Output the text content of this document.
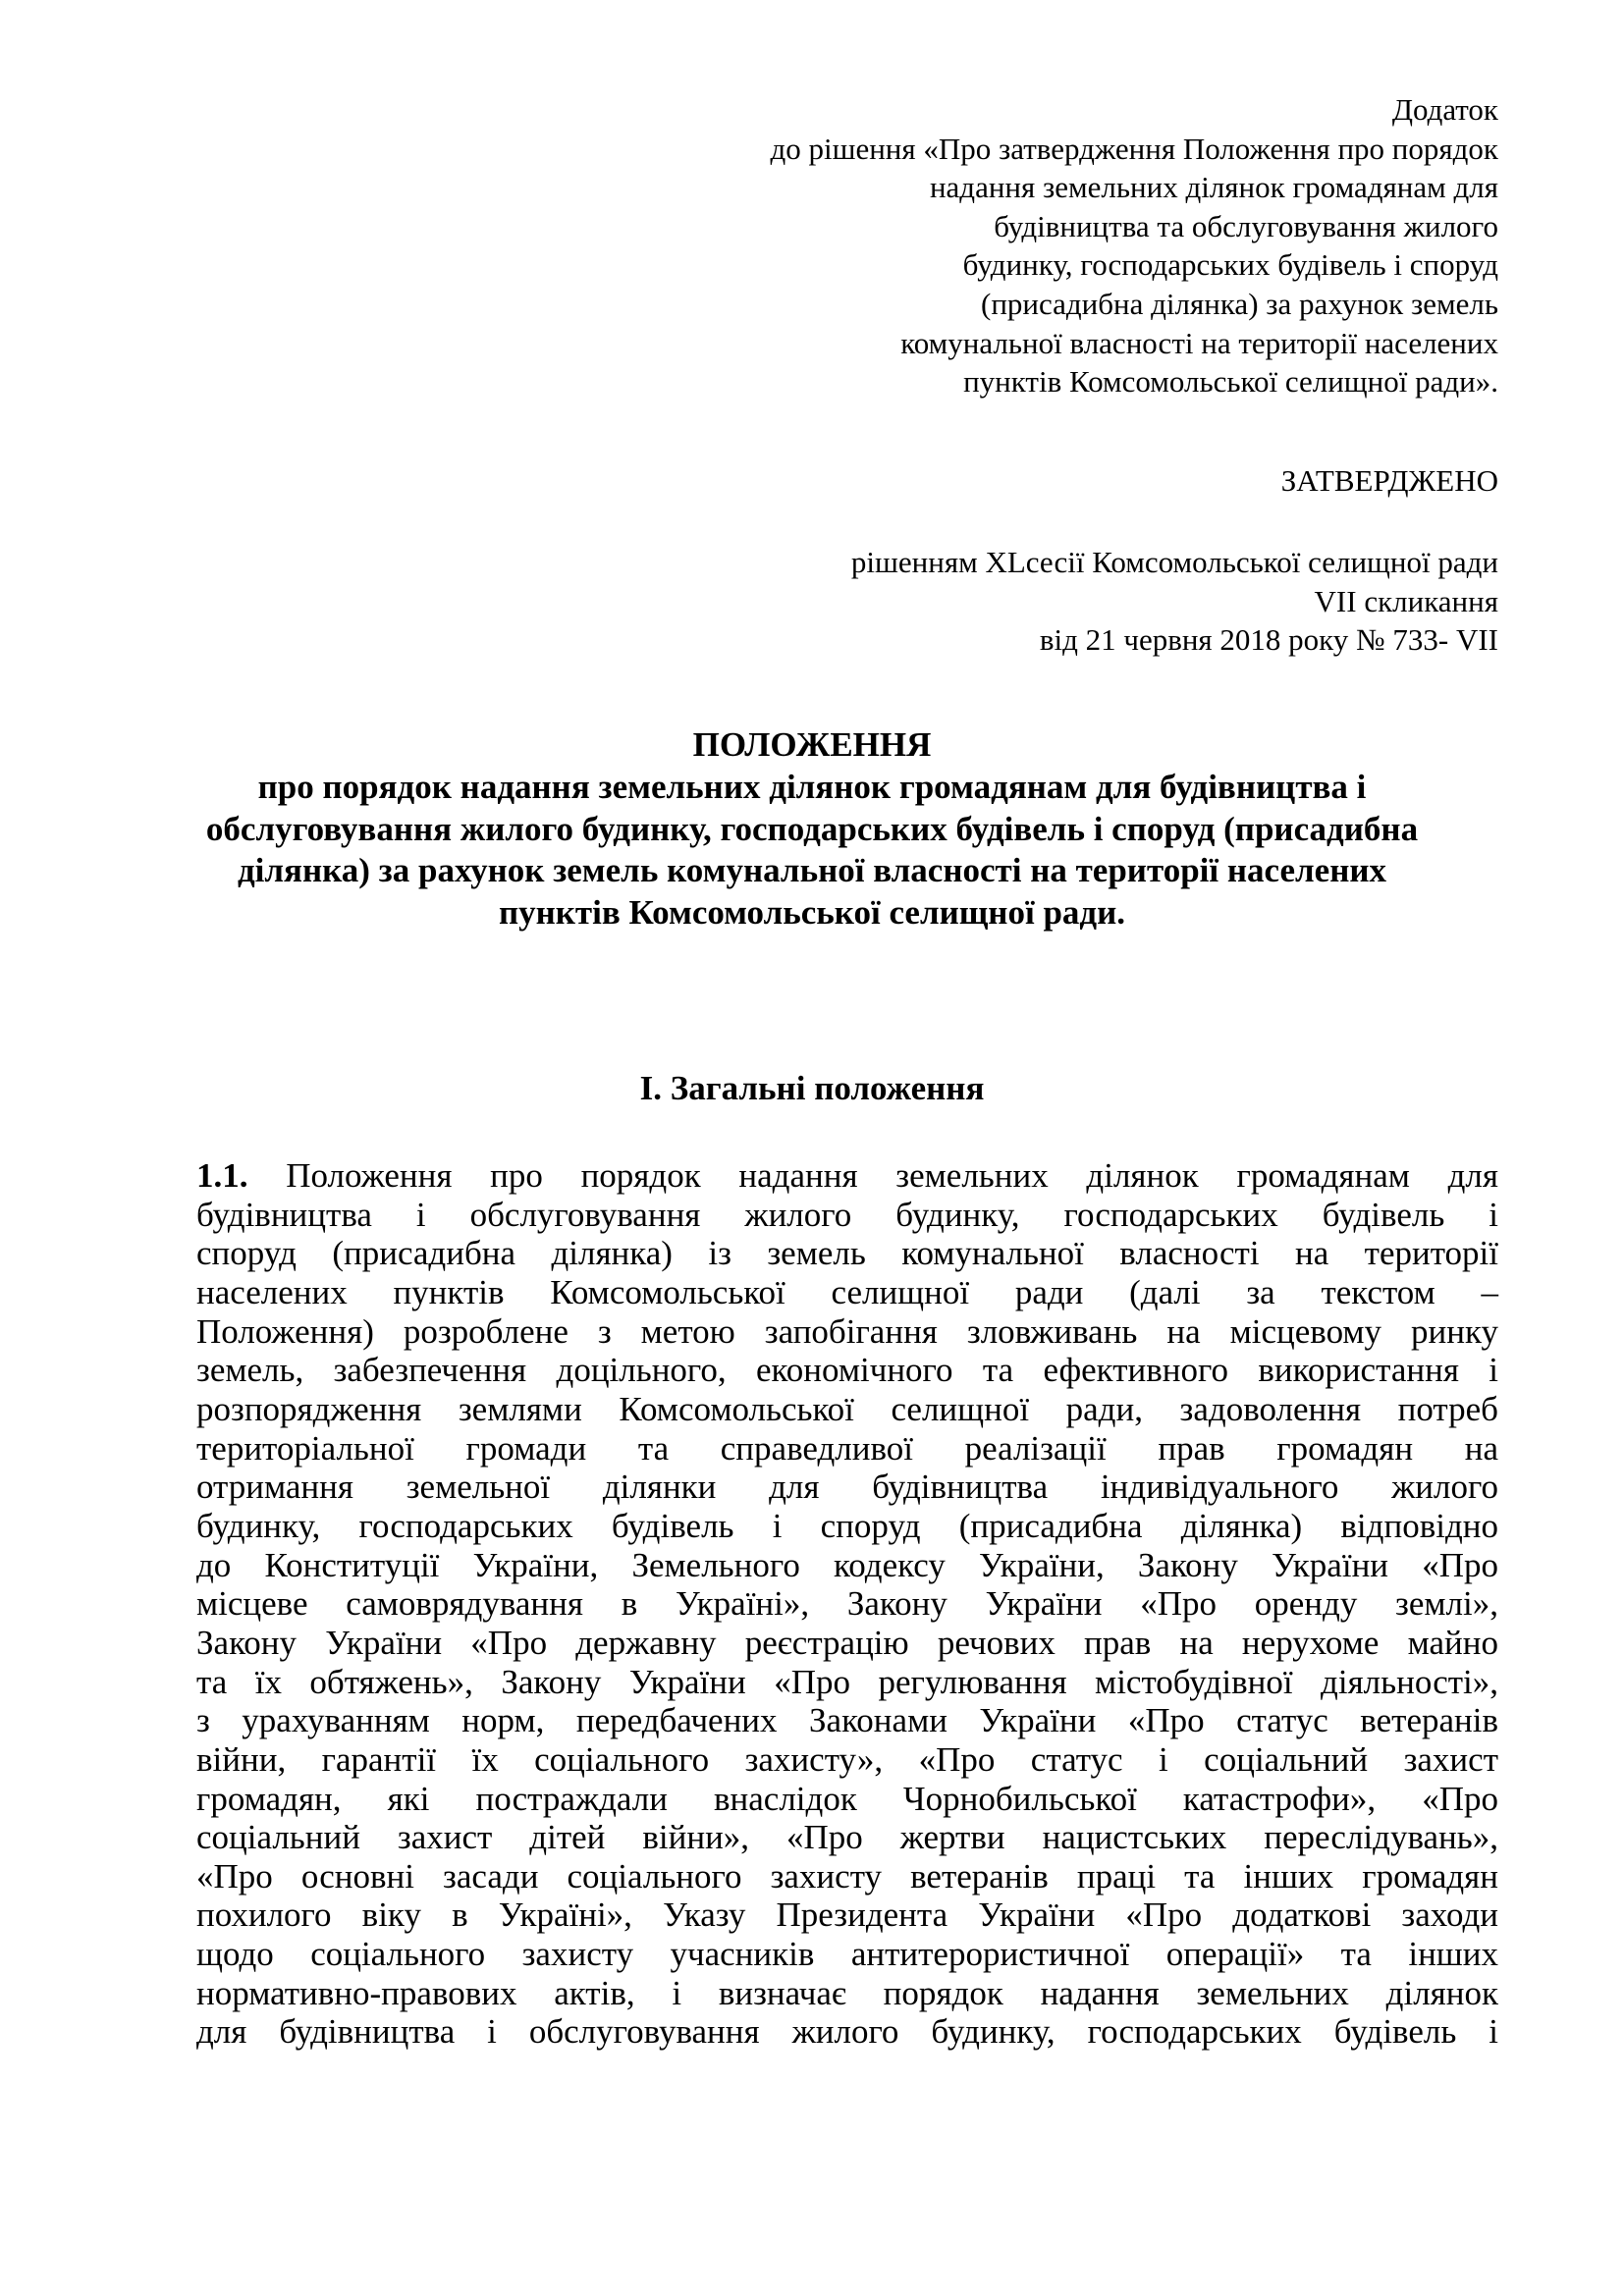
Додаток
до рішення «Про затвердження Положення про порядок
надання земельних ділянок громадянам для
будівництва та обслуговування жилого
будинку, господарських будівель і споруд
(присадибна ділянка) за рахунок земель
комунальної власності на території населених
пунктів Комсомольської селищної ради».
ЗАТВЕРДЖЕНО
рішенням XLсесії Комсомольської селищної ради
VII скликання
від 21 червня 2018 року № 733- VII
ПОЛОЖЕННЯ
про порядок надання земельних ділянок громадянам для будівництва і
обслуговування жилого будинку, господарських будівель і споруд (присадибна
ділянка) за рахунок земель комунальної власності на території населених
пунктів Комсомольської селищної ради.
І. Загальні положення
1.1. Положення про порядок надання земельних ділянок громадянам для
будівництва і обслуговування жилого будинку, господарських будівель і
споруд (присадибна ділянка) із земель комунальної власності на території
населених пунктів Комсомольської селищної ради (далі за текстом –
Положення) розроблене з метою запобігання зловживань на місцевому ринку
земель, забезпечення доцільного, економічного та ефективного використання і
розпорядження землями Комсомольської селищної ради, задоволення потреб
територіальної громади та справедливої реалізації прав громадян на
отримання земельної ділянки для будівництва індивідуального жилого
будинку, господарських будівель і споруд (присадибна ділянка) відповідно
до Конституції України, Земельного кодексу України, Закону України «Про
місцеве самоврядування в Україні», Закону України «Про оренду землі»,
Закону України «Про державну реєстрацію речових прав на нерухоме майно
та їх обтяжень», Закону України «Про регулювання містобудівної діяльності»,
з урахуванням норм, передбачених Законами України «Про статус ветеранів
війни, гарантії їх соціального захисту», «Про статус і соціальний захист
громадян, які постраждали внаслідок Чорнобильської катастрофи», «Про
соціальний захист дітей війни», «Про жертви нацистських переслідувань»,
«Про основні засади соціального захисту ветеранів праці та інших громадян
похилого віку в Україні», Указу Президента України «Про додаткові заходи
щодо соціального захисту учасників антитерористичної операції» та інших
нормативно-правових актів, і визначає порядок надання земельних ділянок
для будівництва і обслуговування жилого будинку, господарських будівель і
